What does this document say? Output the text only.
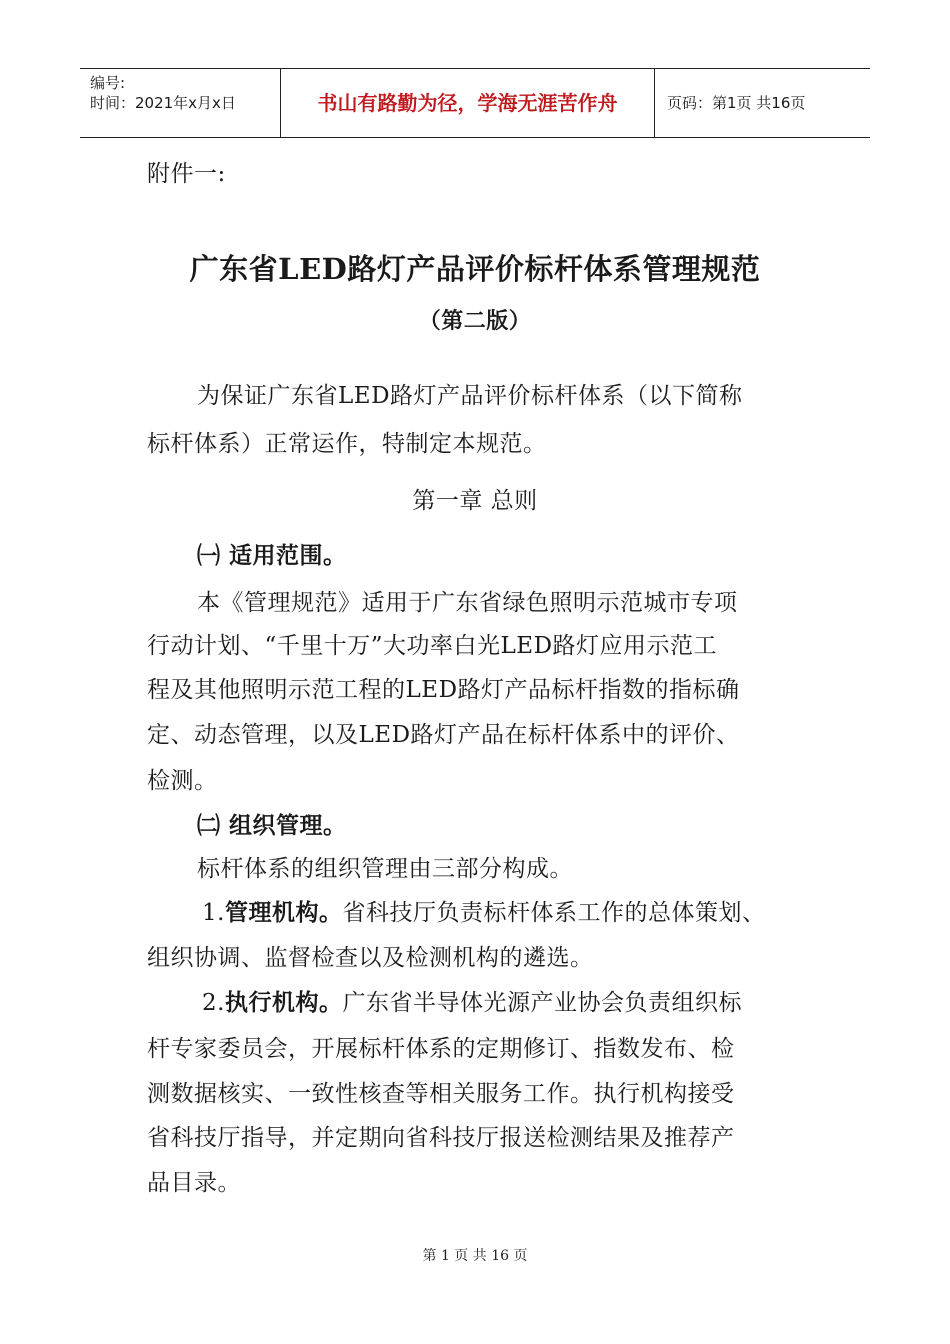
编号:
时间：2021年x月x日	书山有路勤为径，学海无涯苦作舟	页码：第1页 共16页
附件一:
广东省LED路灯产品评价标杆体系管理规范
（第二版）
为保证广东省LED路灯产品评价标杆体系（以下简称
标杆体系）正常运作，特制定本规范。
第一章 总则
㈠ 适用范围。
本《管理规范》适用于广东省绿色照明示范城市专项
行动计划、“千里十万”大功率白光LED路灯应用示范工
程及其他照明示范工程的LED路灯产品标杆指数的指标确
定、动态管理，以及LED路灯产品在标杆体系中的评价、
检测。
㈡ 组织管理。
标杆体系的组织管理由三部分构成。
1.管理机构。省科技厅负责标杆体系工作的总体策划、
组织协调、监督检查以及检测机构的遴选。
2.执行机构。广东省半导体光源产业协会负责组织标
杆专家委员会，开展标杆体系的定期修订、指数发布、检
测数据核实、一致性核查等相关服务工作。执行机构接受
省科技厅指导，并定期向省科技厅报送检测结果及推荐产
品目录。
第 1 页 共 16 页
